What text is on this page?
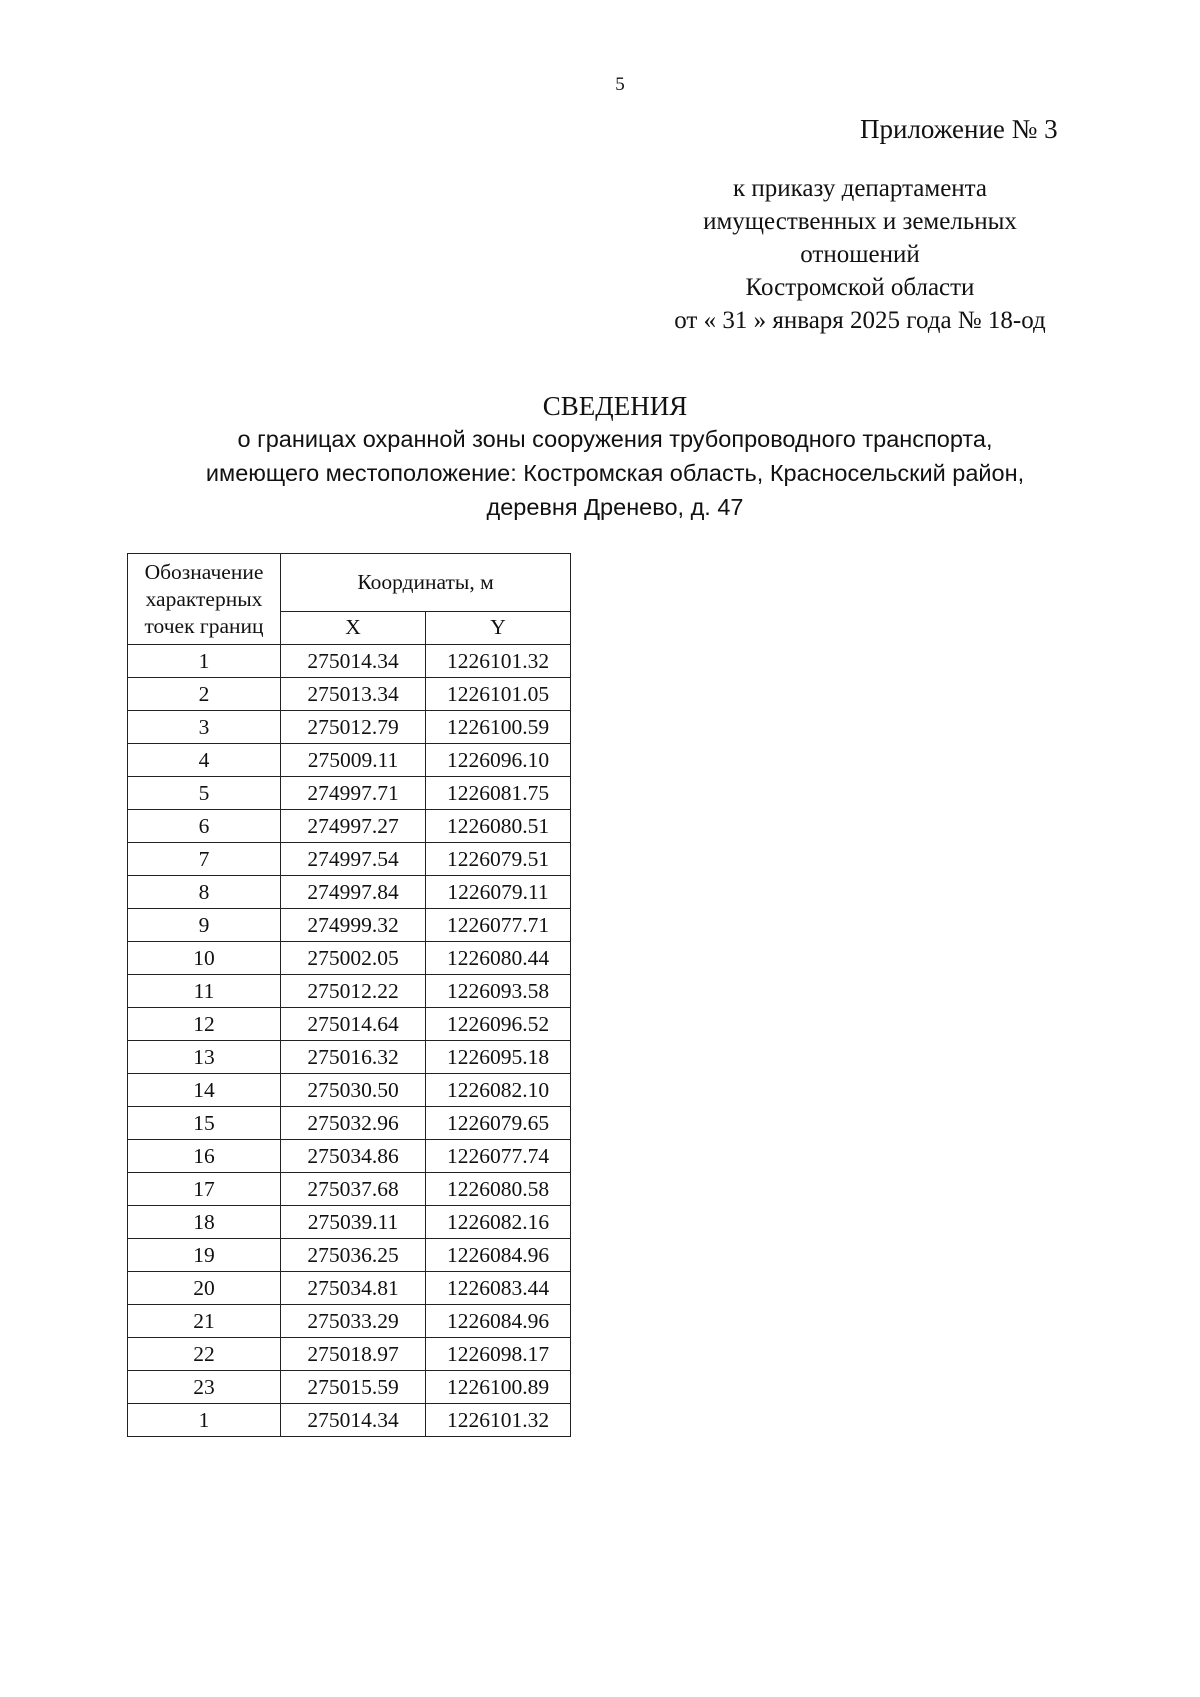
5
Приложение № 3
к приказу департамента
имущественных и земельных
отношений
Костромской области
от « 31 » января 2025 года № 18-од
СВЕДЕНИЯ
о границах охранной зоны сооружения трубопроводного транспорта,
имеющего местоположение: Костромская область, Красносельский район,
деревня Дренево, д. 47
Обозначение характерных точек границ	Координаты, м	
	X	Y
1	275014.34	1226101.32
2	275013.34	1226101.05
3	275012.79	1226100.59
4	275009.11	1226096.10
5	274997.71	1226081.75
6	274997.27	1226080.51
7	274997.54	1226079.51
8	274997.84	1226079.11
9	274999.32	1226077.71
10	275002.05	1226080.44
11	275012.22	1226093.58
12	275014.64	1226096.52
13	275016.32	1226095.18
14	275030.50	1226082.10
15	275032.96	1226079.65
16	275034.86	1226077.74
17	275037.68	1226080.58
18	275039.11	1226082.16
19	275036.25	1226084.96
20	275034.81	1226083.44
21	275033.29	1226084.96
22	275018.97	1226098.17
23	275015.59	1226100.89
1	275014.34	1226101.32
